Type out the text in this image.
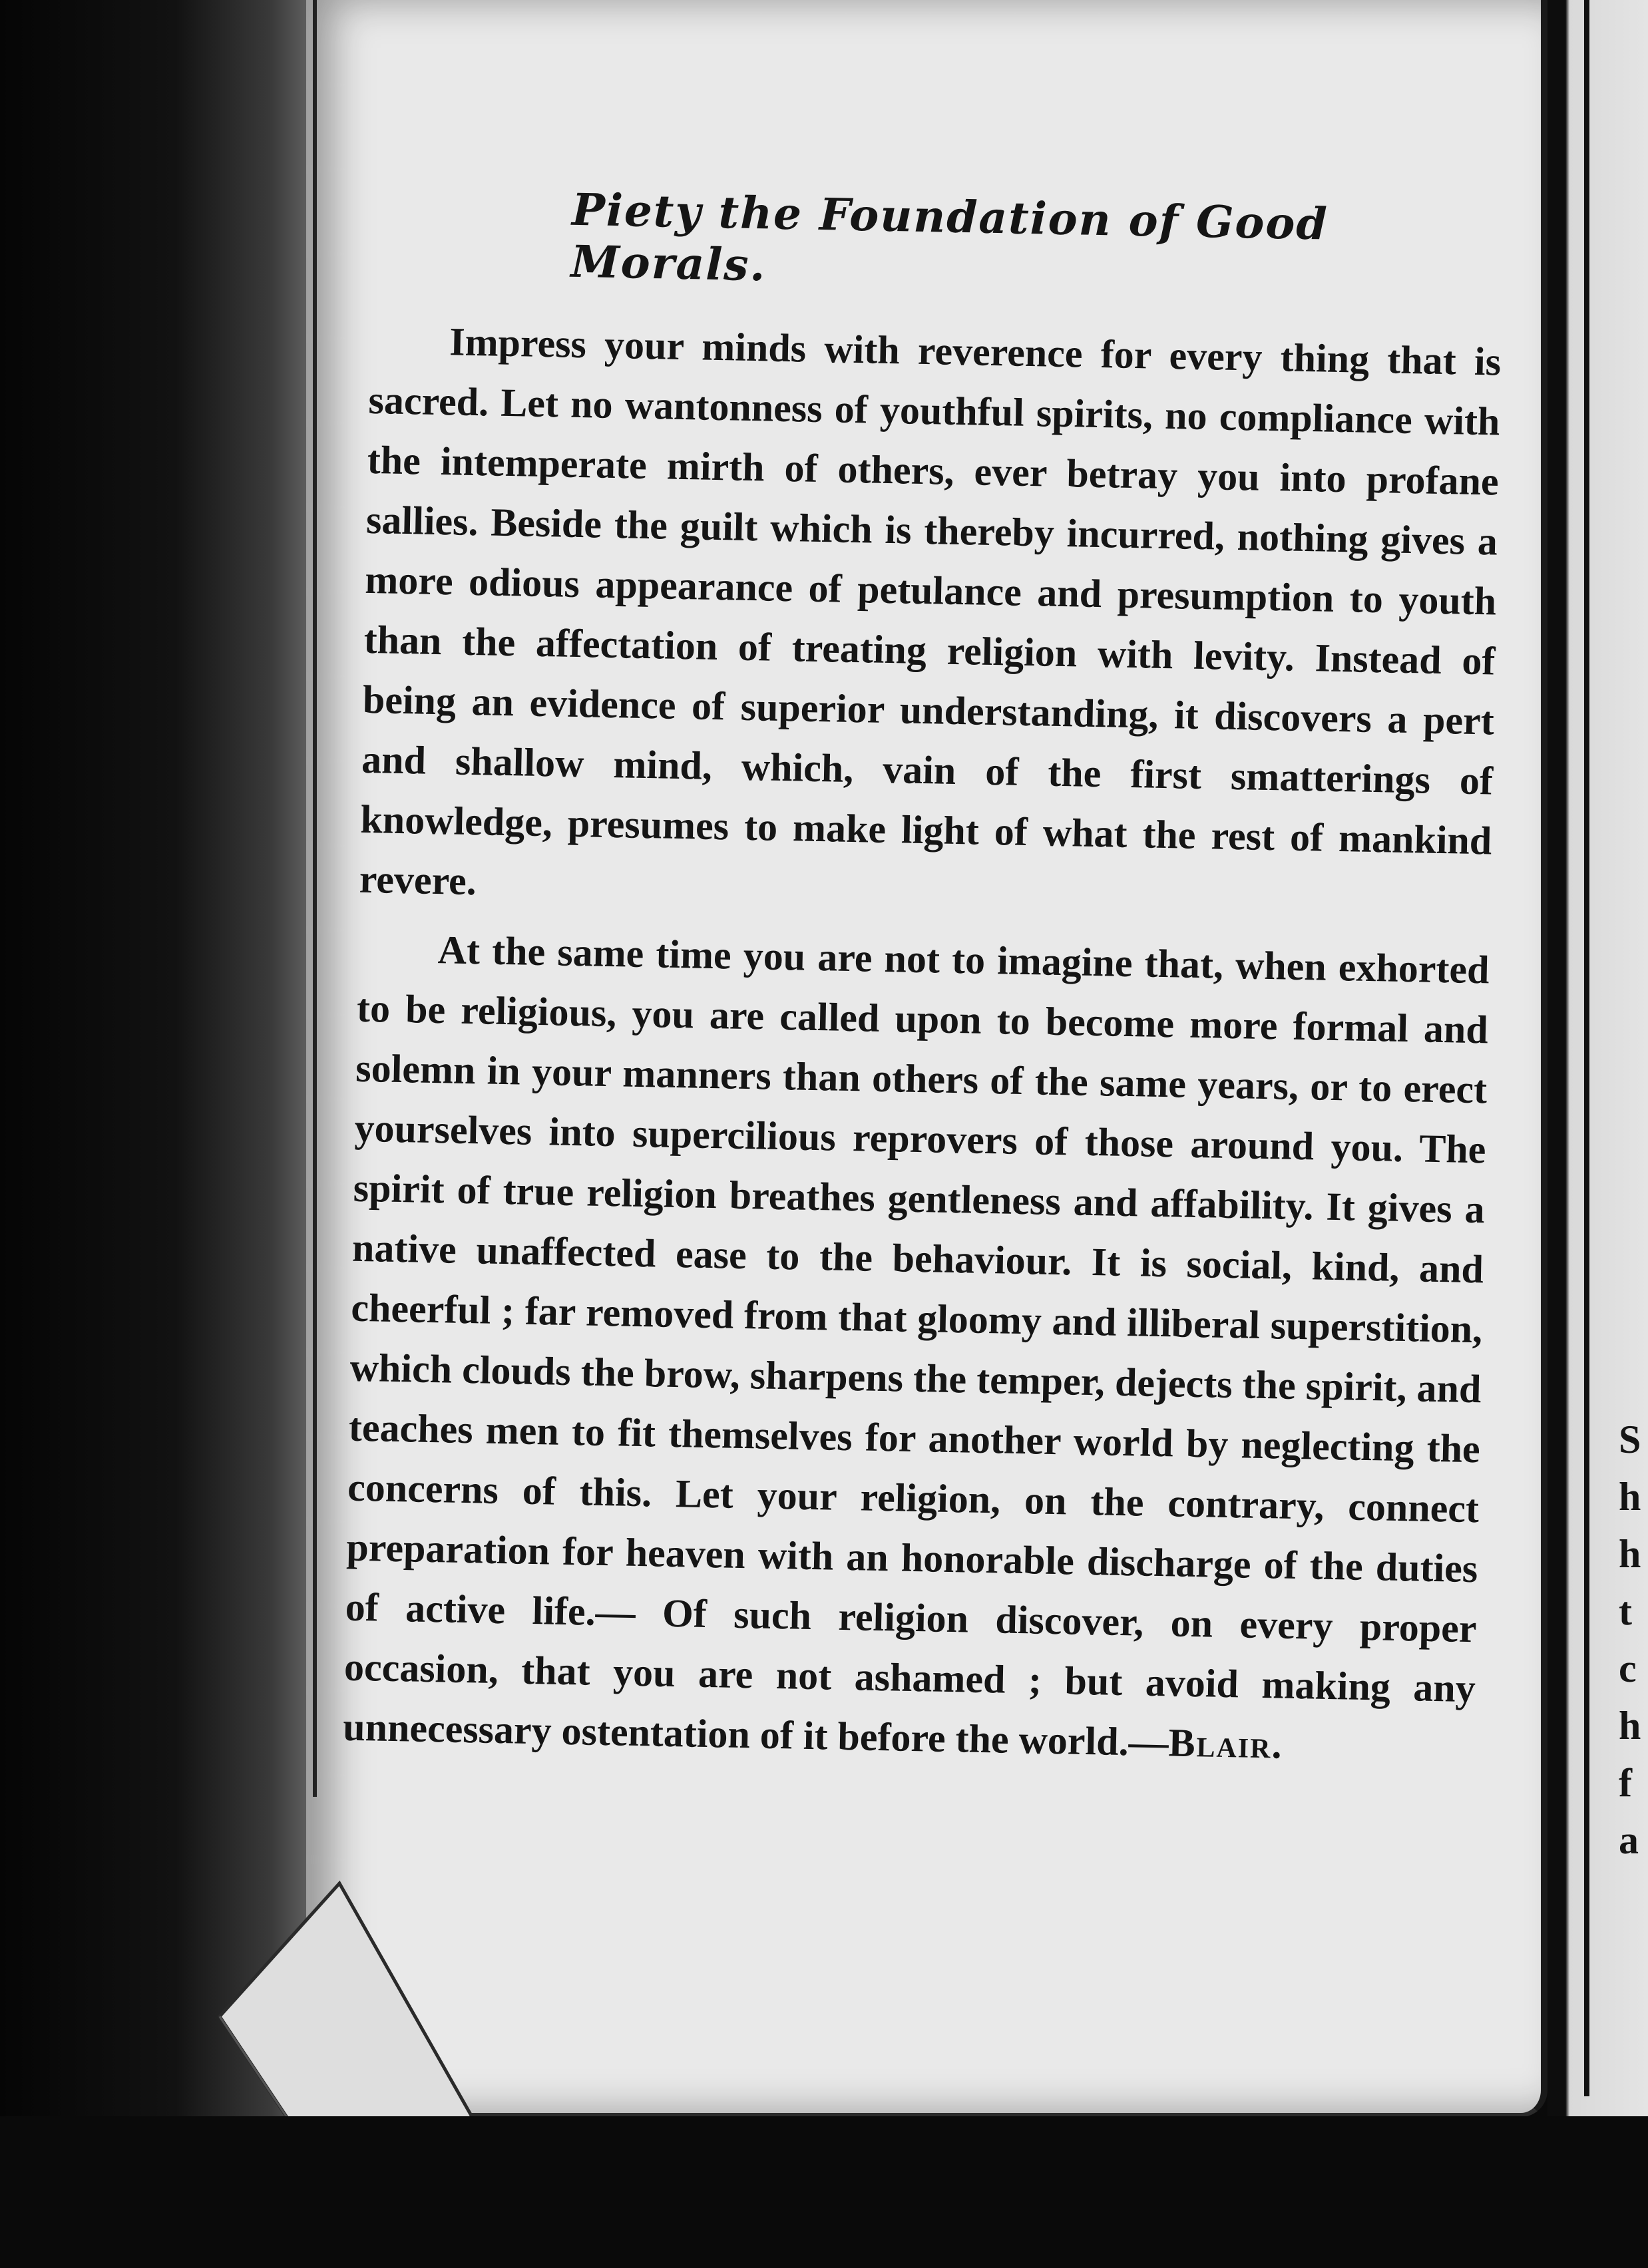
Piety the Foundation of Good Morals.

Impress your minds with reverence for every thing that is sacred. Let no wantonness of youthful spirits, no compliance with the intemperate mirth of others, ever betray you into profane sallies. Beside the guilt which is thereby incurred, nothing gives a more odious appearance of petulance and presumption to youth than the affectation of treating religion with levity. Instead of being an evidence of superior understanding, it discovers a pert and shallow mind, which, vain of the first smatterings of knowledge, presumes to make light of what the rest of mankind revere.

At the same time you are not to imagine that, when exhorted to be religious, you are called upon to become more formal and solemn in your manners than others of the same years, or to erect yourselves into supercilious reprovers of those around you. The spirit of true religion breathes gentleness and affability. It gives a native unaffected ease to the behaviour. It is social, kind, and cheerful ; far removed from that gloomy and illiberal superstition, which clouds the brow, sharpens the temper, dejects the spirit, and teaches men to fit themselves for another world by neglecting the concerns of this. Let your religion, on the contrary, connect preparation for heaven with an honorable discharge of the duties of active life.— Of such religion discover, on every proper occasion, that you are not ashamed ; but avoid making any unnecessary ostentation of it before the world.—Blair.

S
h
h
t
c
h
f
a
